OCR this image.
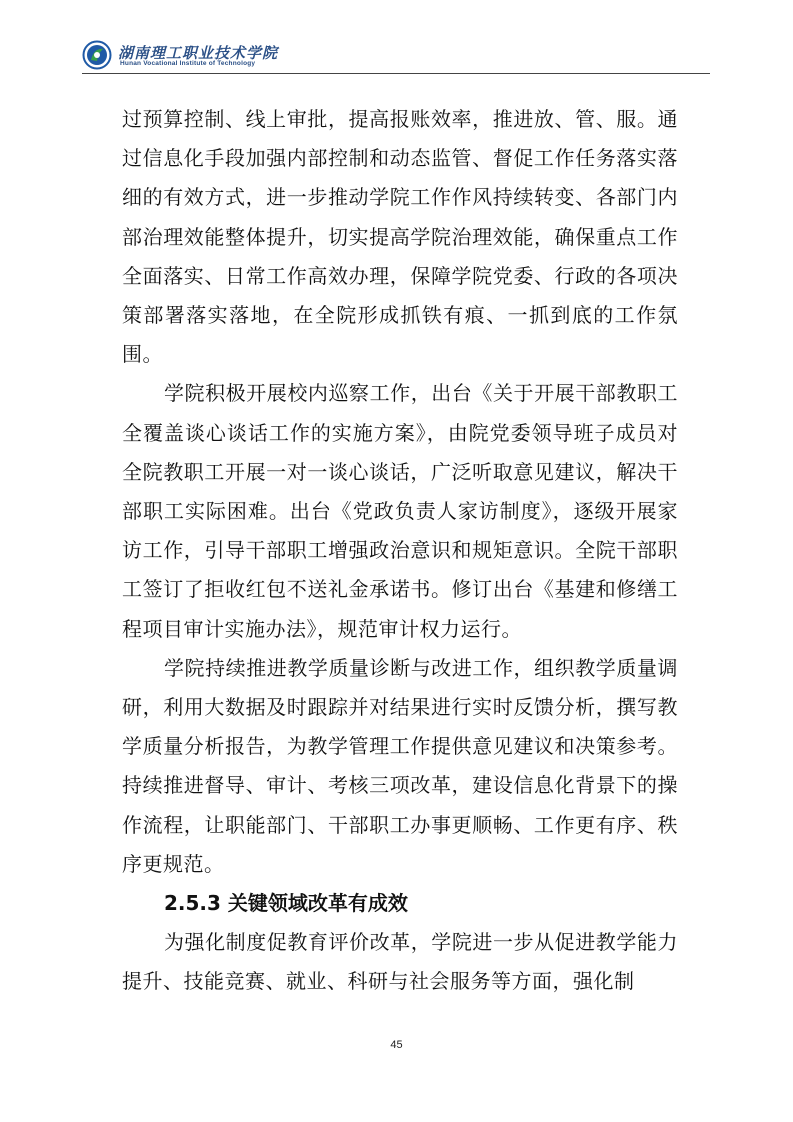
湖南理工职业技术学院
Hunan Vocational Institute of Technology

过预算控制、线上审批，提高报账效率，推进放、管、服。通过信息化手段加强内部控制和动态监管、督促工作任务落实落细的有效方式，进一步推动学院工作作风持续转变、各部门内部治理效能整体提升，切实提高学院治理效能，确保重点工作全面落实、日常工作高效办理，保障学院党委、行政的各项决策部署落实落地，在全院形成抓铁有痕、一抓到底的工作氛围。

学院积极开展校内巡察工作，出台《关于开展干部教职工全覆盖谈心谈话工作的实施方案》，由院党委领导班子成员对全院教职工开展一对一谈心谈话，广泛听取意见建议，解决干部职工实际困难。出台《党政负责人家访制度》，逐级开展家访工作，引导干部职工增强政治意识和规矩意识。全院干部职工签订了拒收红包不送礼金承诺书。修订出台《基建和修缮工程项目审计实施办法》，规范审计权力运行。

学院持续推进教学质量诊断与改进工作，组织教学质量调研，利用大数据及时跟踪并对结果进行实时反馈分析，撰写教学质量分析报告，为教学管理工作提供意见建议和决策参考。持续推进督导、审计、考核三项改革，建设信息化背景下的操作流程，让职能部门、干部职工办事更顺畅、工作更有序、秩序更规范。

2.5.3 关键领域改革有成效

为强化制度促教育评价改革，学院进一步从促进教学能力提升、技能竞赛、就业、科研与社会服务等方面，强化制

45
